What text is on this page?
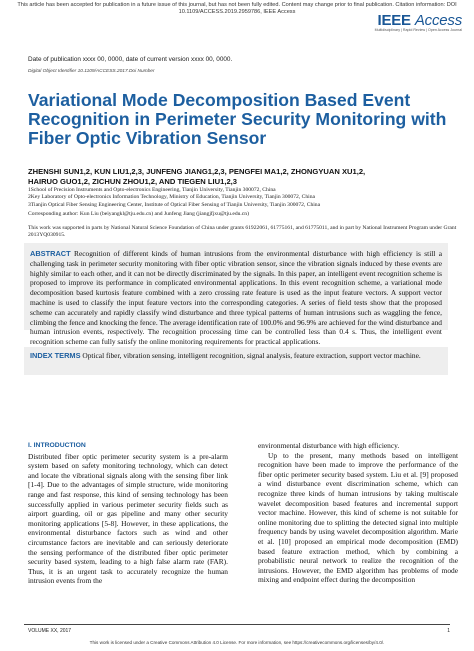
This article has been accepted for publication in a future issue of this journal, but has not been fully edited. Content may change prior to final publication. Citation information: DOI
10.1109/ACCESS.2019.2959786, IEEE Access	IEEE Access
Multidisciplinary | Rapid Review | Open Access Journal
Date of publication xxxx 00, 0000, date of current version xxxx 00, 0000.
Digital Object Identifier 10.1109/ACCESS.2017.Doi Number
Variational Mode Decomposition Based Event Recognition in Perimeter Security Monitoring with Fiber Optic Vibration Sensor
ZHENSHI SUN1,2, KUN LIU1,2,3, JUNFENG JIANG1,2,3, PENGFEI MA1,2, ZHONGYUAN XU1,2,
HAIRUO GUO1,2, ZICHUN ZHOU1,2, AND TIEGEN LIU1,2,3
1School of Precision Instruments and Opto-electronics Engineering, Tianjin University, Tianjin 300072, China
2Key Laboratory of Opto-electronics Information Technology, Ministry of Education, Tianjin University, Tianjin 300072, China
3Tianjin Optical Fiber Sensing Engineering Center, Institute of Optical Fiber Sensing of Tianjin University, Tianjin 300072, China
Corresponding author: Kun Liu (beiyangkl@tju.edu.cn) and Junfeng Jiang (jiangjfjxu@tju.edu.cn)
This work was supported in parts by National Natural Science Foundation of China under grants 61922061, 61775161, and 61775011, and in part by National Instrument Program under Grant 2013YQ030915.
ABSTRACT Recognition of different kinds of human intrusions from the environmental disturbance with high efficiency is still a challenging task in perimeter security monitoring with fiber optic vibration sensor, since the vibration signals induced by these events are highly similar to each other, and it can not be directly discriminated by the signals. In this paper, an intelligent event recognition scheme is proposed to improve its performance in complicated environmental applications. In this event recognition scheme, a variational mode decomposition based kurtosis feature combined with a zero crossing rate feature is used as the input feature vectors. A support vector machine is used to classify the input feature vectors into the corresponding categories. A series of field tests show that the proposed scheme can accurately and rapidly classify wind disturbance and three typical patterns of human intrusions such as waggling the fence, climbing the fence and knocking the fence. The average identification rate of 100.0% and 96.9% are achieved for the wind disturbance and human intrusion events, respectively. The recognition processing time can be controlled less than 0.4 s. Thus, the intelligent event recognition scheme can fully satisfy the online monitoring requirements for practical applications.
INDEX TERMS Optical fiber, vibration sensing, intelligent recognition, signal analysis, feature extraction, support vector machine.
I. INTRODUCTION

Distributed fiber optic perimeter security system is a pre-alarm system based on safety monitoring technology, which can detect and locate the vibrational signals along with the sensing fiber link [1-4]. Due to the advantages of simple structure, wide monitoring range and fast response, this kind of sensing technology has been successfully applied in various perimeter security fields such as airport guarding, oil or gas pipeline and many other security monitoring applications [5-8]. However, in these applications, the environmental disturbance factors such as wind and other circumstance factors are inevitable and can seriously deteriorate the sensing performance of the distributed fiber optic perimeter security based system, leading to a high false alarm rate (FAR). Thus, it is an urgent task to accurately recognize the human intrusion events from the

environmental disturbance with high efficiency.

Up to the present, many methods based on intelligent recognition have been made to improve the performance of the fiber optic perimeter security based system. Liu et al. [9] proposed a wind disturbance event discrimination scheme, which can recognize three kinds of human intrusions by taking multiscale wavelet decomposition based features and incremental support vector machine. However, this kind of scheme is not suitable for online monitoring due to splitting the detected signal into multiple frequency bands by using wavelet decomposition algorithm. Marie et al. [10] proposed an empirical mode decomposition (EMD) based feature extraction method, which by combining a probabilistic neural network to realize the recognition of the intrusions. However, the EMD algorithm has problems of mode mixing and endpoint effect during the decomposition

VOLUME XX, 2017	1
This work is licensed under a Creative Commons Attribution 4.0 License. For more information, see https://creativecommons.org/licenses/by/4.0/.
